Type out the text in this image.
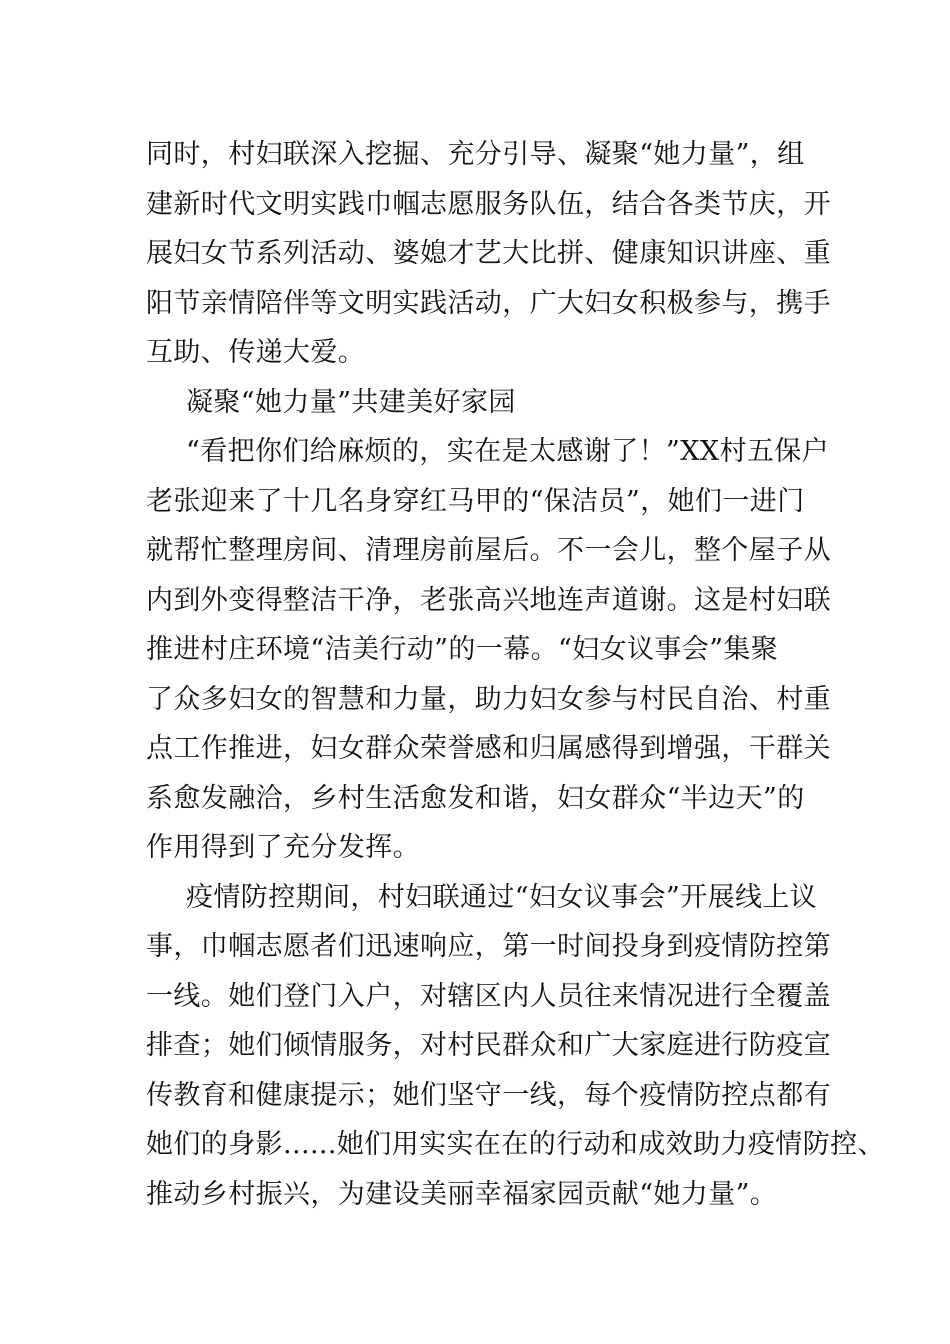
同时，村妇联深入挖掘、充分引导、凝聚“她力量”，组
建新时代文明实践巾帼志愿服务队伍，结合各类节庆，开
展妇女节系列活动、婆媳才艺大比拼、健康知识讲座、重
阳节亲情陪伴等文明实践活动，广大妇女积极参与，携手
互助、传递大爱。
凝聚“她力量”共建美好家园
“看把你们给麻烦的，实在是太感谢了！”XX村五保户
老张迎来了十几名身穿红马甲的“保洁员”，她们一进门
就帮忙整理房间、清理房前屋后。不一会儿，整个屋子从
内到外变得整洁干净，老张高兴地连声道谢。这是村妇联
推进村庄环境“洁美行动”的一幕。“妇女议事会”集聚
了众多妇女的智慧和力量，助力妇女参与村民自治、村重
点工作推进，妇女群众荣誉感和归属感得到增强，干群关
系愈发融洽，乡村生活愈发和谐，妇女群众“半边天”的
作用得到了充分发挥。
疫情防控期间，村妇联通过“妇女议事会”开展线上议
事，巾帼志愿者们迅速响应，第一时间投身到疫情防控第
一线。她们登门入户，对辖区内人员往来情况进行全覆盖
排查；她们倾情服务，对村民群众和广大家庭进行防疫宣
传教育和健康提示；她们坚守一线，每个疫情防控点都有
她们的身影......她们用实实在在的行动和成效助力疫情防控、
推动乡村振兴，为建设美丽幸福家园贡献“她力量”。
